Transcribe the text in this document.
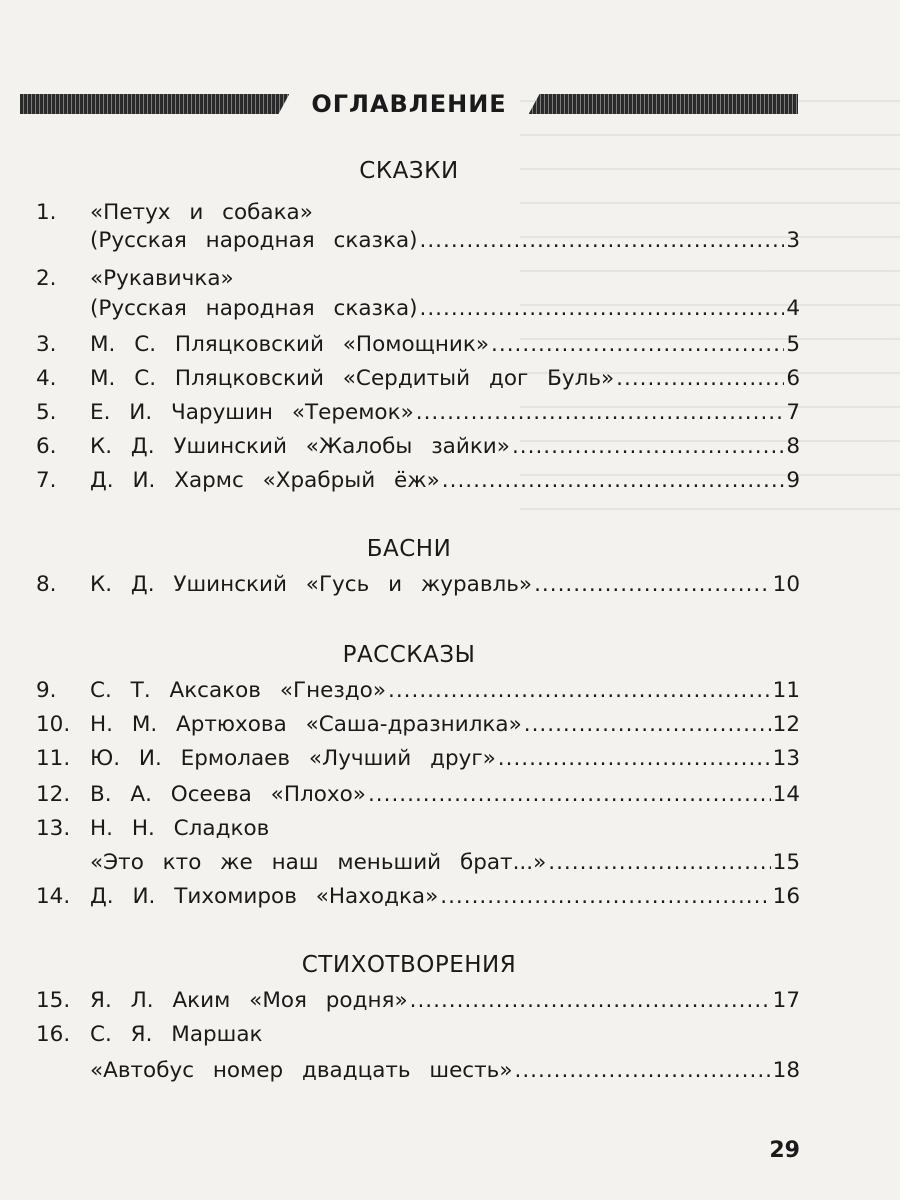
ОГЛАВЛЕНИЕ
СКАЗКИ
1.	«Петух и собака»
(Русская народная сказка) .....	3
2.	«Рукавичка»
(Русская народная сказка) .....	4
3.	М. С. Пляцковский «Помощник» .....	5
4.	М. С. Пляцковский «Сердитый дог Буль» .....	6
5.	Е. И. Чарушин «Теремок» .....	7
6.	К. Д. Ушинский «Жалобы зайки» .....	8
7.	Д. И. Хармс «Храбрый ёж» .....	9
БАСНИ
8.	К. Д. Ушинский «Гусь и журавль» .....	10
РАССКАЗЫ
9.	С. Т. Аксаков «Гнездо» .....	11
10. Н. М. Артюхова «Саша-дразнилка» .....	12
11. Ю. И. Ермолаев «Лучший друг» .....	13
12. В. А. Осеева «Плохо» .....	14
13. Н. Н. Сладков
«Это кто же наш меньший брат...» .....	15
14. Д. И. Тихомиров «Находка» .....	16
СТИХОТВОРЕНИЯ
15. Я. Л. Аким «Моя родня» .....	17
16. С. Я. Маршак
«Автобус номер двадцать шесть» .....	18
29
